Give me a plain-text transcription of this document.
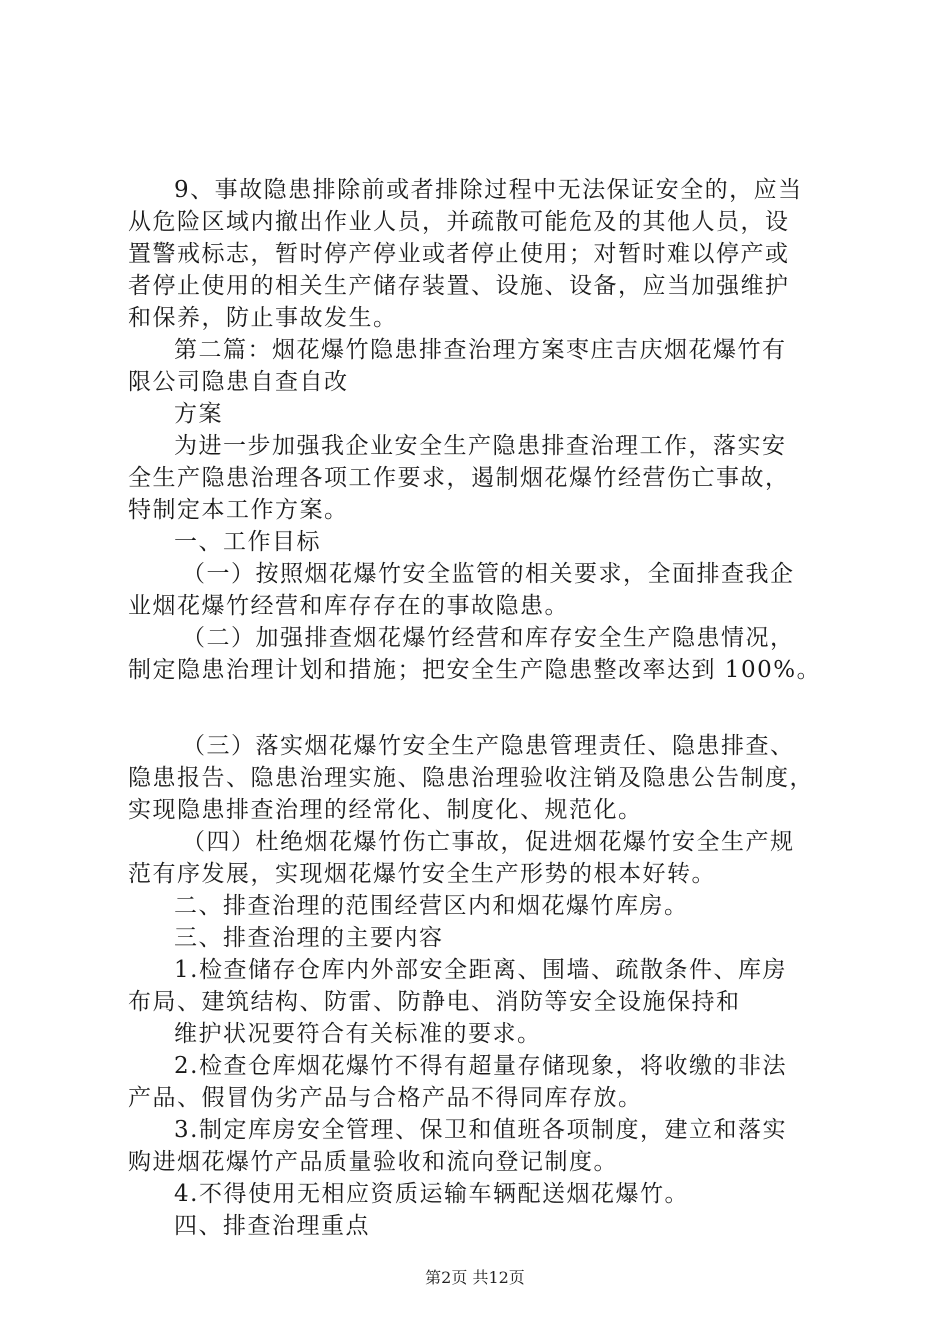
9、事故隐患排除前或者排除过程中无法保证安全的，应当
从危险区域内撤出作业人员，并疏散可能危及的其他人员，设
置警戒标志，暂时停产停业或者停止使用；对暂时难以停产或
者停止使用的相关生产储存装置、设施、设备，应当加强维护
和保养，防止事故发生。
第二篇：烟花爆竹隐患排查治理方案枣庄吉庆烟花爆竹有
限公司隐患自查自改
方案
为进一步加强我企业安全生产隐患排查治理工作，落实安
全生产隐患治理各项工作要求，遏制烟花爆竹经营伤亡事故，
特制定本工作方案。
一、工作目标
（一）按照烟花爆竹安全监管的相关要求，全面排查我企
业烟花爆竹经营和库存存在的事故隐患。
（二）加强排查烟花爆竹经营和库存安全生产隐患情况，
制定隐患治理计划和措施；把安全生产隐患整改率达到 100%。
（三）落实烟花爆竹安全生产隐患管理责任、隐患排查、
隐患报告、隐患治理实施、隐患治理验收注销及隐患公告制度，
实现隐患排查治理的经常化、制度化、规范化。
（四）杜绝烟花爆竹伤亡事故，促进烟花爆竹安全生产规
范有序发展，实现烟花爆竹安全生产形势的根本好转。
二、排查治理的范围经营区内和烟花爆竹库房。
三、排查治理的主要内容
1.检查储存仓库内外部安全距离、围墙、疏散条件、库房
布局、建筑结构、防雷、防静电、消防等安全设施保持和
维护状况要符合有关标准的要求。
2.检查仓库烟花爆竹不得有超量存储现象，将收缴的非法
产品、假冒伪劣产品与合格产品不得同库存放。
3.制定库房安全管理、保卫和值班各项制度，建立和落实
购进烟花爆竹产品质量验收和流向登记制度。
4.不得使用无相应资质运输车辆配送烟花爆竹。
四、排查治理重点
第2页 共12页
